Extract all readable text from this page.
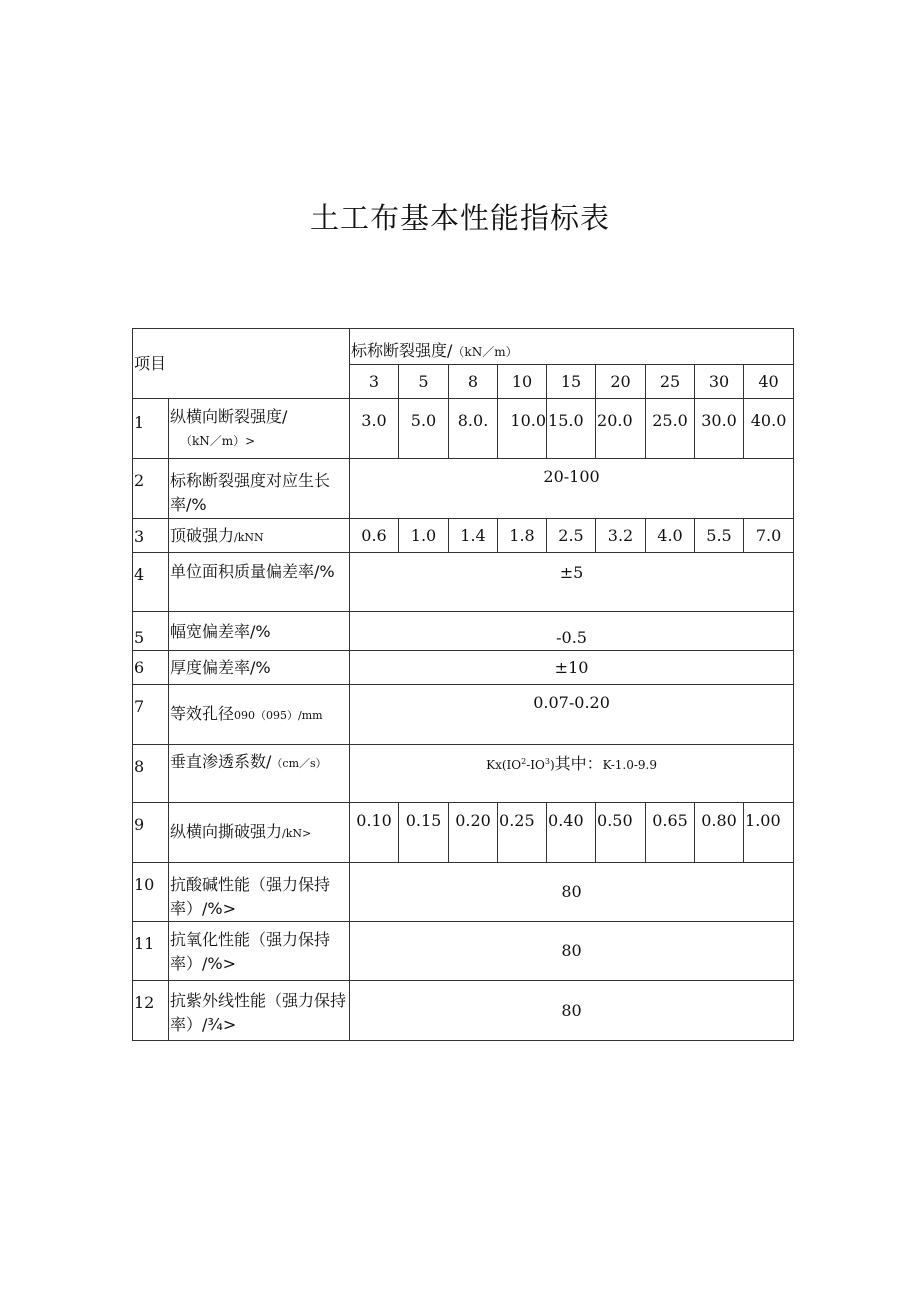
土工布基本性能指标表
项目		标称断裂强度/（kN／m）								
		3	5	8	10	15	20	25	30	40
1	纵横向断裂强度/
（kN／m）>	3.0	5.0	8.0.	10.0	15.0	20.0	25.0	30.0	40.0
2	标称断裂强度对应生长率/%	20-100								
3	顶破强力/kNN	0.6	1.0	1.4	1.8	2.5	3.2	4.0	5.5	7.0
4	单位面积质量偏差率/%	±5								
5	幅宽偏差率/%	-0.5								
6	厚度偏差率/%	±10								
7	等效孔径090（095）/mm	0.07-0.20								
8	垂直渗透系数/（cm／s）	$Kx(IO^2-IO^3)$其中：K-1.0-9.9								
9	纵横向撕破强力/kN>	0.10	0.15	0.20	0.25	0.40	0.50	0.65	0.80	1.00
10	抗酸碱性能（强力保持率）/%>	80								
11	抗氧化性能（强力保持率）/%>	80								
12	抗紫外线性能（强力保持率）/¾>	80								
